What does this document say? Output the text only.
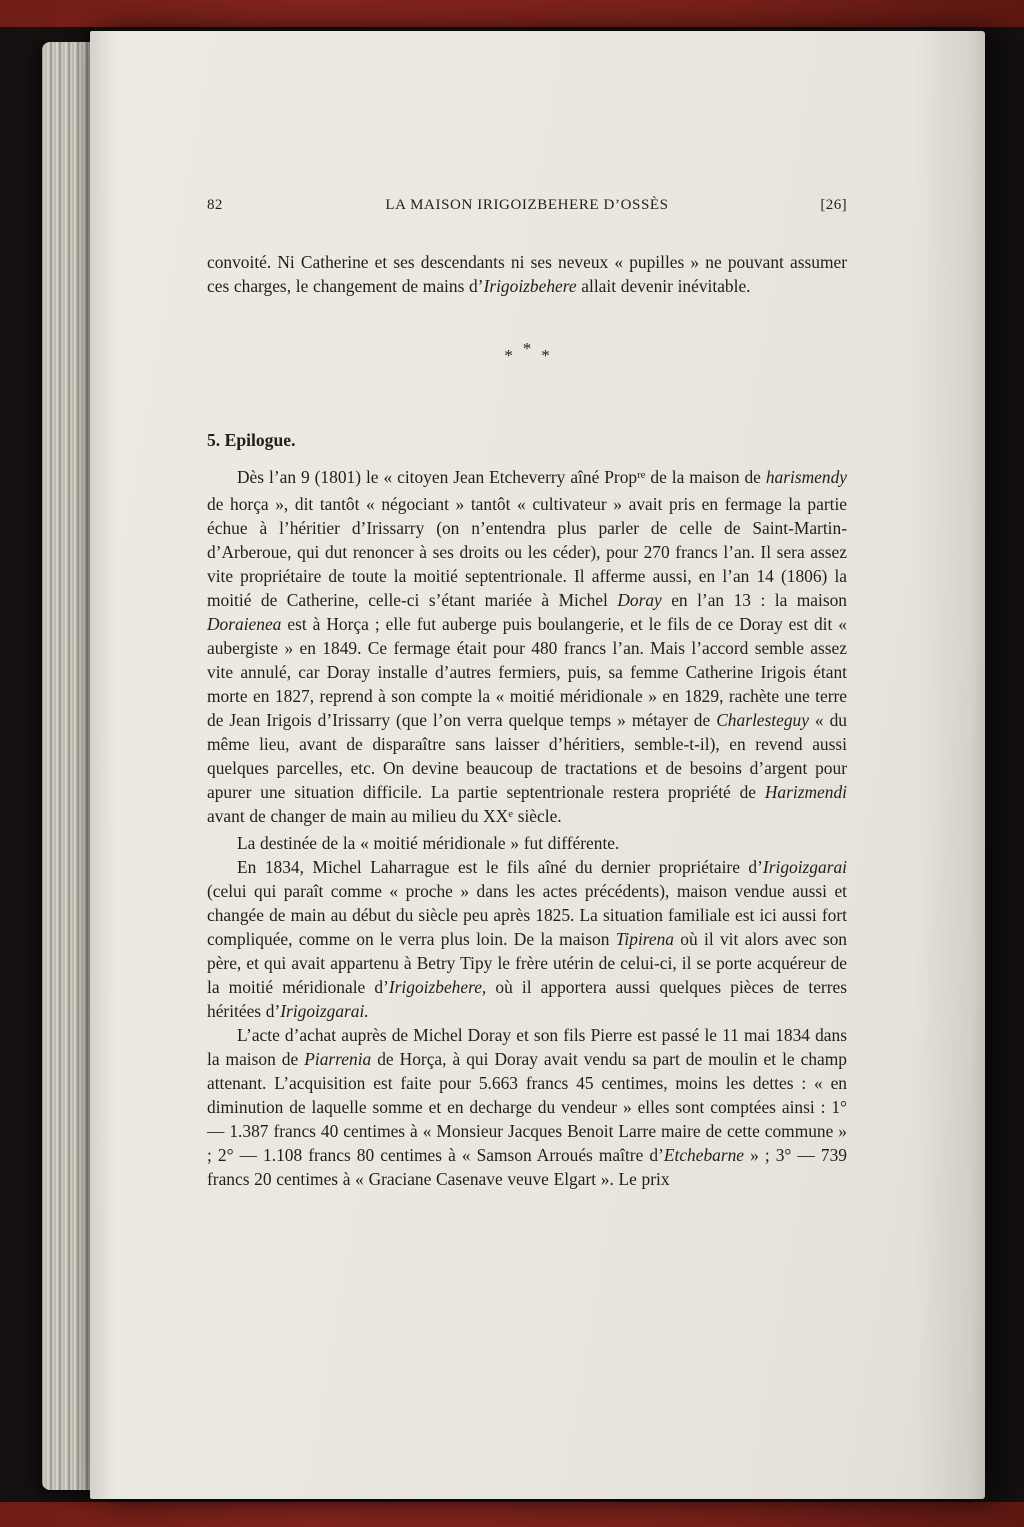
82	LA MAISON IRIGOIZBEHERE D’OSSÈS	[26]

convoité. Ni Catherine et ses descendants ni ses neveux « pupilles » ne pouvant assumer ces charges, le changement de mains d’Irigoizbehere allait devenir inévitable.

* * *
5. Epilogue.

Dès l’an 9 (1801) le « citoyen Jean Etcheverry aîné Prop$^{re}$ de la maison de harismendy de horça », dit tantôt « négociant » tantôt « cultivateur » avait pris en fermage la partie échue à l’héritier d’Irissarry (on n’entendra plus parler de celle de Saint-Martin-d’Arberoue, qui dut renoncer à ses droits ou les céder), pour 270 francs l’an. Il sera assez vite propriétaire de toute la moitié septentrionale. Il afferme aussi, en l’an 14 (1806) la moitié de Catherine, celle-ci s’étant mariée à Michel Doray en l’an 13 : la maison Doraienea est à Horça ; elle fut auberge puis boulangerie, et le fils de ce Doray est dit « aubergiste » en 1849. Ce fermage était pour 480 francs l’an. Mais l’accord semble assez vite annulé, car Doray installe d’autres fermiers, puis, sa femme Catherine Irigois étant morte en 1827, reprend à son compte la « moitié méridionale » en 1829, rachète une terre de Jean Irigois d’Irissarry (que l’on verra quelque temps » métayer de Charlesteguy « du même lieu, avant de disparaître sans laisser d’héritiers, semble-t-il), en revend aussi quelques parcelles, etc. On devine beaucoup de tractations et de besoins d’argent pour apurer une situation difficile. La partie septentrionale restera propriété de Harizmendi avant de changer de main au milieu du XXe siècle.

La destinée de la « moitié méridionale » fut différente.

En 1834, Michel Laharrague est le fils aîné du dernier propriétaire d’Irigoizgarai (celui qui paraît comme « proche » dans les actes précédents), maison vendue aussi et changée de main au début du siècle peu après 1825. La situation familiale est ici aussi fort compliquée, comme on le verra plus loin. De la maison Tipirena où il vit alors avec son père, et qui avait appartenu à Betry Tipy le frère utérin de celui-ci, il se porte acquéreur de la moitié méridionale d’Irigoizbehere, où il apportera aussi quelques pièces de terres héritées d’Irigoizgarai.

L’acte d’achat auprès de Michel Doray et son fils Pierre est passé le 11 mai 1834 dans la maison de Piarrenia de Horça, à qui Doray avait vendu sa part de moulin et le champ attenant. L’acquisition est faite pour 5.663 francs 45 centimes, moins les dettes : « en diminution de laquelle somme et en decharge du vendeur » elles sont comptées ainsi : 1° — 1.387 francs 40 centimes à « Monsieur Jacques Benoit Larre maire de cette commune » ; 2° — 1.108 francs 80 centimes à « Samson Arroués maître d’Etchebarne » ; 3° — 739 francs 20 centimes à « Graciane Casenave veuve Elgart ». Le prix
